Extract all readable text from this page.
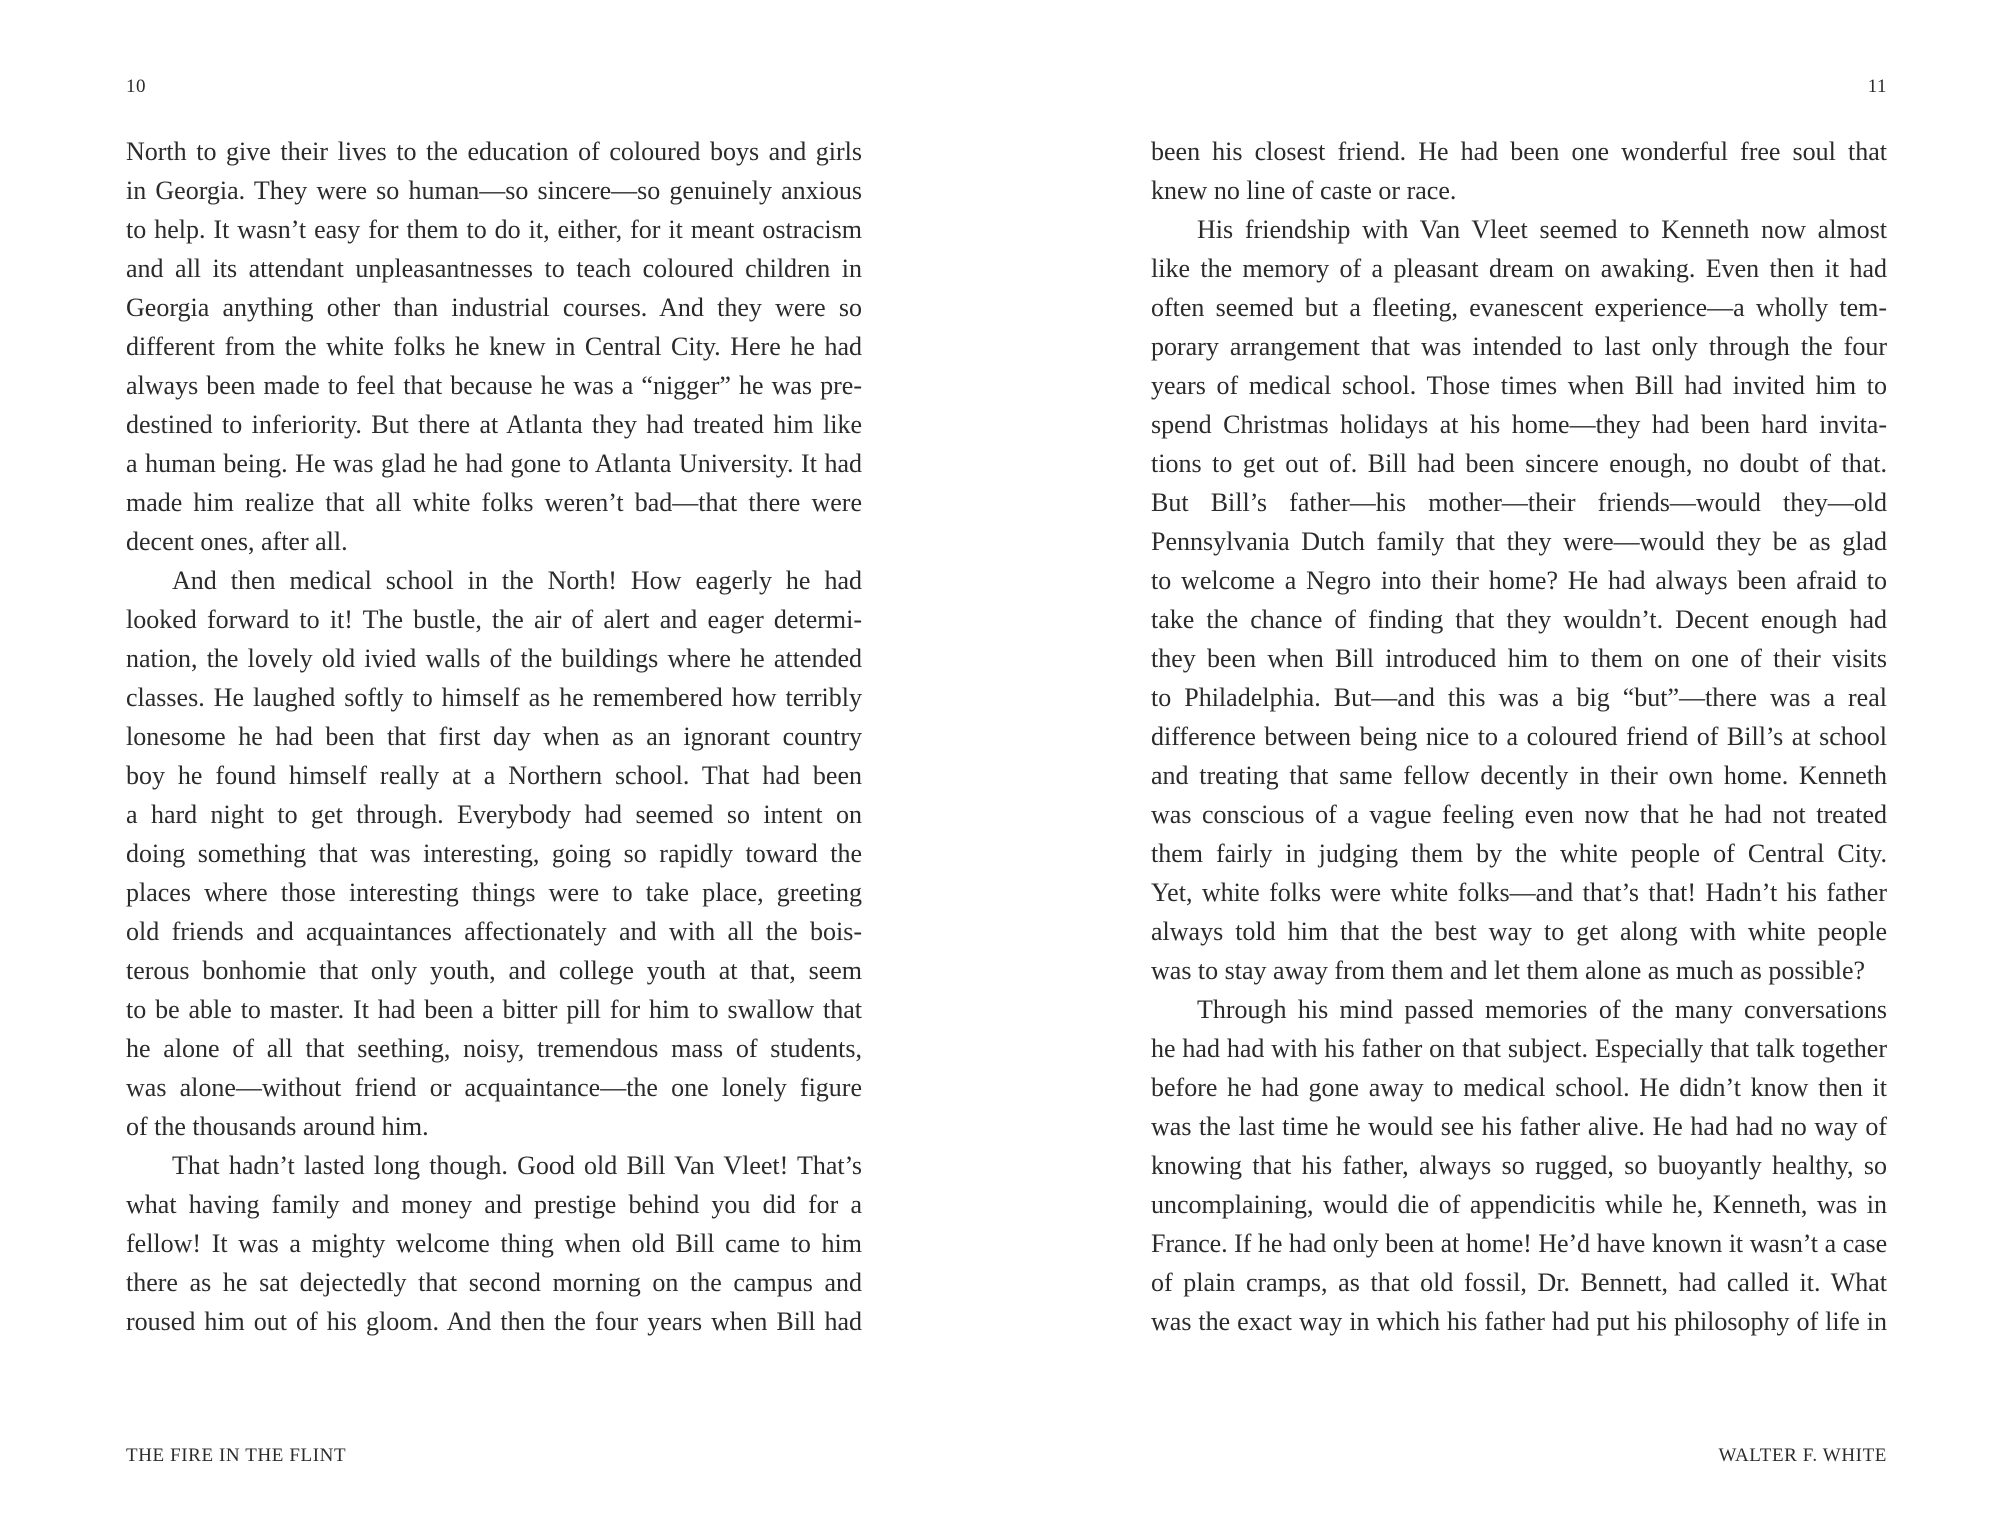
10
North to give their lives to the education of coloured boys and girls
in Georgia. They were so human—so sincere—so genuinely anxious
to help. It wasn’t easy for them to do it, either, for it meant ostracism
and all its attendant unpleasantnesses to teach coloured children in
Georgia anything other than industrial courses. And they were so
different from the white folks he knew in Central City. Here he had
always been made to feel that because he was a “nigger” he was pre-
destined to inferiority. But there at Atlanta they had treated him like
a human being. He was glad he had gone to Atlanta University. It had
made him realize that all white folks weren’t bad—that there were
decent ones, after all.
And then medical school in the North! How eagerly he had
looked forward to it! The bustle, the air of alert and eager determi-
nation, the lovely old ivied walls of the buildings where he attended
classes. He laughed softly to himself as he remembered how terribly
lonesome he had been that first day when as an ignorant country
boy he found himself really at a Northern school. That had been
a hard night to get through. Everybody had seemed so intent on
doing something that was interesting, going so rapidly toward the
places where those interesting things were to take place, greeting
old friends and acquaintances affectionately and with all the bois-
terous bonhomie that only youth, and college youth at that, seem
to be able to master. It had been a bitter pill for him to swallow that
he alone of all that seething, noisy, tremendous mass of students,
was alone—without friend or acquaintance—the one lonely figure
of the thousands around him.
That hadn’t lasted long though. Good old Bill Van Vleet! That’s
what having family and money and prestige behind you did for a
fellow! It was a mighty welcome thing when old Bill came to him
there as he sat dejectedly that second morning on the campus and
roused him out of his gloom. And then the four years when Bill had
THE FIRE IN THE FLINT
11
been his closest friend. He had been one wonderful free soul that
knew no line of caste or race.
His friendship with Van Vleet seemed to Kenneth now almost
like the memory of a pleasant dream on awaking. Even then it had
often seemed but a fleeting, evanescent experience—a wholly tem-
porary arrangement that was intended to last only through the four
years of medical school. Those times when Bill had invited him to
spend Christmas holidays at his home—they had been hard invita-
tions to get out of. Bill had been sincere enough, no doubt of that.
But Bill’s father—his mother—their friends—would they—old
Pennsylvania Dutch family that they were—would they be as glad
to welcome a Negro into their home? He had always been afraid to
take the chance of finding that they wouldn’t. Decent enough had
they been when Bill introduced him to them on one of their visits
to Philadelphia. But—and this was a big “but”—there was a real
difference between being nice to a coloured friend of Bill’s at school
and treating that same fellow decently in their own home. Kenneth
was conscious of a vague feeling even now that he had not treated
them fairly in judging them by the white people of Central City.
Yet, white folks were white folks—and that’s that! Hadn’t his father
always told him that the best way to get along with white people
was to stay away from them and let them alone as much as possible?
Through his mind passed memories of the many conversations
he had had with his father on that subject. Especially that talk together
before he had gone away to medical school. He didn’t know then it
was the last time he would see his father alive. He had had no way of
knowing that his father, always so rugged, so buoyantly healthy, so
uncomplaining, would die of appendicitis while he, Kenneth, was in
France. If he had only been at home! He’d have known it wasn’t a case
of plain cramps, as that old fossil, Dr. Bennett, had called it. What
was the exact way in which his father had put his philosophy of life in
WALTER F. WHITE
